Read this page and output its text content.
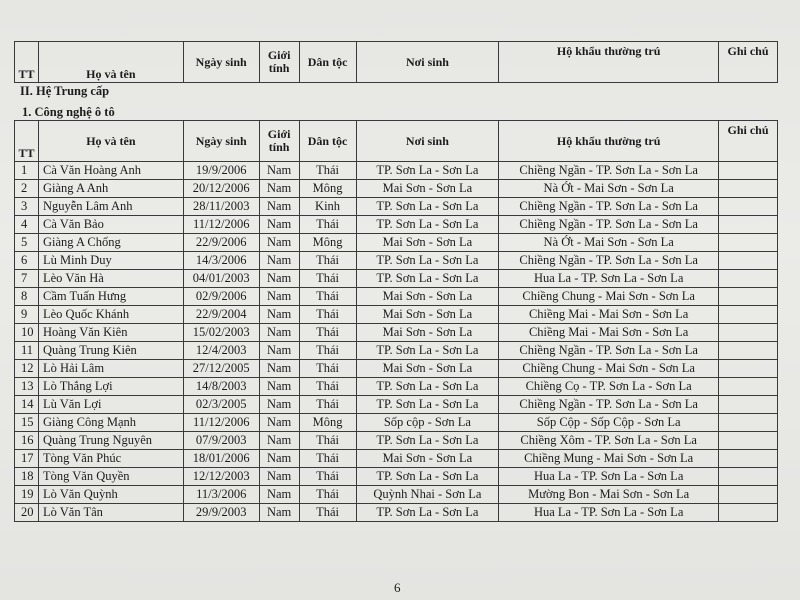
TT	Họ và tên	Ngày sinh	Giới tính	Dân tộc	Nơi sinh	Hộ khẩu thường trú	Ghi chú
II. Hệ Trung cấp
1. Công nghệ ô tô
TT	Họ và tên	Ngày sinh	Giới tính	Dân tộc	Nơi sinh	Hộ khẩu thường trú	Ghi chú
1	Cà Văn Hoàng Anh	19/9/2006	Nam	Thái	TP. Sơn La - Sơn La	Chiềng Ngần - TP. Sơn La - Sơn La	
2	Giàng A Anh	20/12/2006	Nam	Mông	Mai Sơn - Sơn La	Nà Ớt - Mai Sơn - Sơn La	
3	Nguyễn Lâm Anh	28/11/2003	Nam	Kinh	TP. Sơn La - Sơn La	Chiềng Ngần - TP. Sơn La - Sơn La	
4	Cà Văn Bảo	11/12/2006	Nam	Thái	TP. Sơn La - Sơn La	Chiềng Ngần - TP. Sơn La - Sơn La	
5	Giàng A Chống	22/9/2006	Nam	Mông	Mai Sơn - Sơn La	Nà Ớt - Mai Sơn - Sơn La	
6	Lù Minh Duy	14/3/2006	Nam	Thái	TP. Sơn La - Sơn La	Chiềng Ngần - TP. Sơn La - Sơn La	
7	Lèo Văn Hà	04/01/2003	Nam	Thái	TP. Sơn La - Sơn La	Hua La - TP. Sơn La - Sơn La	
8	Cầm Tuấn Hưng	02/9/2006	Nam	Thái	Mai Sơn - Sơn La	Chiềng Chung - Mai Sơn - Sơn La	
9	Lèo Quốc Khánh	22/9/2004	Nam	Thái	Mai Sơn - Sơn La	Chiềng Mai - Mai Sơn - Sơn La	
10	Hoàng Văn Kiên	15/02/2003	Nam	Thái	Mai Sơn - Sơn La	Chiềng Mai - Mai Sơn - Sơn La	
11	Quàng Trung Kiên	12/4/2003	Nam	Thái	TP. Sơn La - Sơn La	Chiềng Ngần - TP. Sơn La - Sơn La	
12	Lò Hải Lâm	27/12/2005	Nam	Thái	Mai Sơn - Sơn La	Chiềng Chung - Mai Sơn - Sơn La	
13	Lò Thắng Lợi	14/8/2003	Nam	Thái	TP. Sơn La - Sơn La	Chiềng Cọ - TP. Sơn La - Sơn La	
14	Lù Văn Lợi	02/3/2005	Nam	Thái	TP. Sơn La - Sơn La	Chiềng Ngần - TP. Sơn La - Sơn La	
15	Giàng Công Mạnh	11/12/2006	Nam	Mông	Sốp cộp - Sơn La	Sốp Cộp - Sốp Cộp - Sơn La	
16	Quàng Trung Nguyên	07/9/2003	Nam	Thái	TP. Sơn La - Sơn La	Chiềng Xôm - TP. Sơn La - Sơn La	
17	Tòng Văn Phúc	18/01/2006	Nam	Thái	Mai Sơn - Sơn La	Chiềng Mung - Mai Sơn - Sơn La	
18	Tòng Văn Quyền	12/12/2003	Nam	Thái	TP. Sơn La - Sơn La	Hua La - TP. Sơn La - Sơn La	
19	Lò Văn Quỳnh	11/3/2006	Nam	Thái	Quỳnh Nhai - Sơn La	Mường Bon - Mai Sơn - Sơn La	
20	Lò Văn Tân	29/9/2003	Nam	Thái	TP. Sơn La - Sơn La	Hua La - TP. Sơn La - Sơn La	
6
